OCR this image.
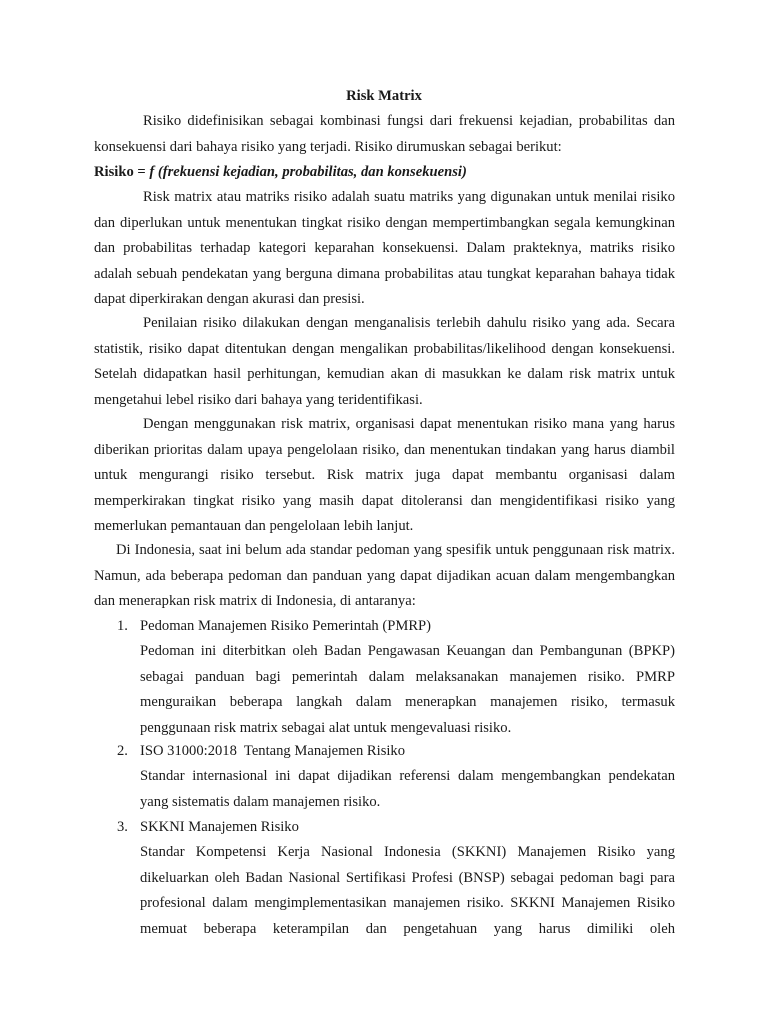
Risk Matrix

Risiko didefinisikan sebagai kombinasi fungsi dari frekuensi kejadian, probabilitas dan konsekuensi dari bahaya risiko yang terjadi. Risiko dirumuskan sebagai berikut:

Risiko = f (frekuensi kejadian, probabilitas, dan konsekuensi)

Risk matrix atau matriks risiko adalah suatu matriks yang digunakan untuk menilai risiko dan diperlukan untuk menentukan tingkat risiko dengan mempertimbangkan segala kemungkinan dan probabilitas terhadap kategori keparahan konsekuensi. Dalam prakteknya, matriks risiko adalah sebuah pendekatan yang berguna dimana probabilitas atau tungkat keparahan bahaya tidak dapat diperkirakan dengan akurasi dan presisi.

Penilaian risiko dilakukan dengan menganalisis terlebih dahulu risiko yang ada. Secara statistik, risiko dapat ditentukan dengan mengalikan probabilitas/likelihood dengan konsekuensi. Setelah didapatkan hasil perhitungan, kemudian akan di masukkan ke dalam risk matrix untuk mengetahui lebel risiko dari bahaya yang teridentifikasi.

Dengan menggunakan risk matrix, organisasi dapat menentukan risiko mana yang harus diberikan prioritas dalam upaya pengelolaan risiko, dan menentukan tindakan yang harus diambil untuk mengurangi risiko tersebut. Risk matrix juga dapat membantu organisasi dalam memperkirakan tingkat risiko yang masih dapat ditoleransi dan mengidentifikasi risiko yang memerlukan pemantauan dan pengelolaan lebih lanjut.

Di Indonesia, saat ini belum ada standar pedoman yang spesifik untuk penggunaan risk matrix. Namun, ada beberapa pedoman dan panduan yang dapat dijadikan acuan dalam mengembangkan dan menerapkan risk matrix di Indonesia, di antaranya:

1. Pedoman Manajemen Risiko Pemerintah (PMRP)

Pedoman ini diterbitkan oleh Badan Pengawasan Keuangan dan Pembangunan (BPKP) sebagai panduan bagi pemerintah dalam melaksanakan manajemen risiko. PMRP menguraikan beberapa langkah dalam menerapkan manajemen risiko, termasuk penggunaan risk matrix sebagai alat untuk mengevaluasi risiko.

2. ISO 31000:2018  Tentang Manajemen Risiko

Standar internasional ini dapat dijadikan referensi dalam mengembangkan pendekatan yang sistematis dalam manajemen risiko.

3. SKKNI Manajemen Risiko

Standar Kompetensi Kerja Nasional Indonesia (SKKNI) Manajemen Risiko yang dikeluarkan oleh Badan Nasional Sertifikasi Profesi (BNSP) sebagai pedoman bagi para profesional dalam mengimplementasikan manajemen risiko. SKKNI Manajemen Risiko memuat beberapa keterampilan dan pengetahuan yang harus dimiliki oleh
